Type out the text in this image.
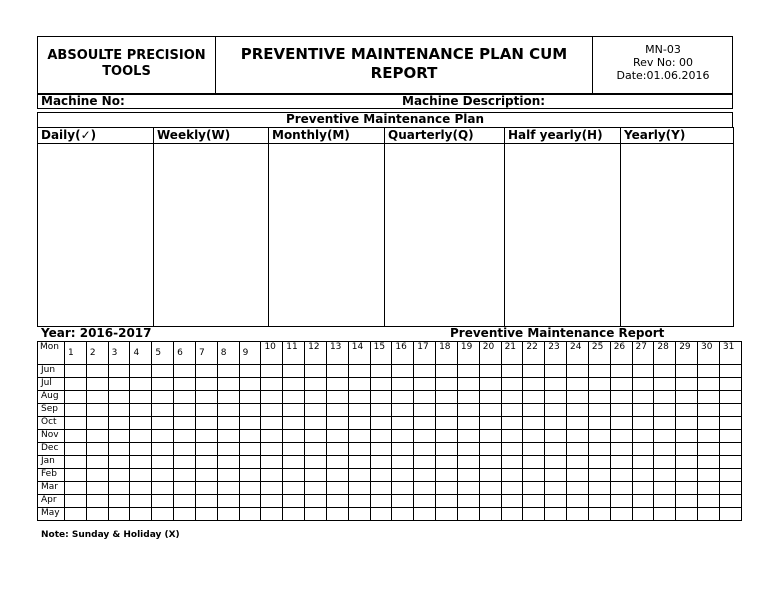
ABSOULTE PRECISION TOOLS
PREVENTIVE MAINTENANCE PLAN CUM REPORT
MN-03
Rev No: 00
Date:01.06.2016
Machine No:	Machine Description:
Preventive Maintenance Plan
Daily(✓)	Weekly(W)	Monthly(M)	Quarterly(Q)	Half yearly(H)	Yearly(Y)

Year: 2016-2017	Preventive Maintenance Report
Mon	1	2	3	4	5	6	7	8	9	10	11	12	13	14	15	16	17	18	19	20	21	22	23	24	25	26	27	28	29	30	31
Jun																															
Jul																															
Aug																															
Sep																															
Oct																															
Nov																															
Dec																															
Jan																															
Feb																															
Mar																															
Apr																															
May																															
Note: Sunday & Holiday (X)
